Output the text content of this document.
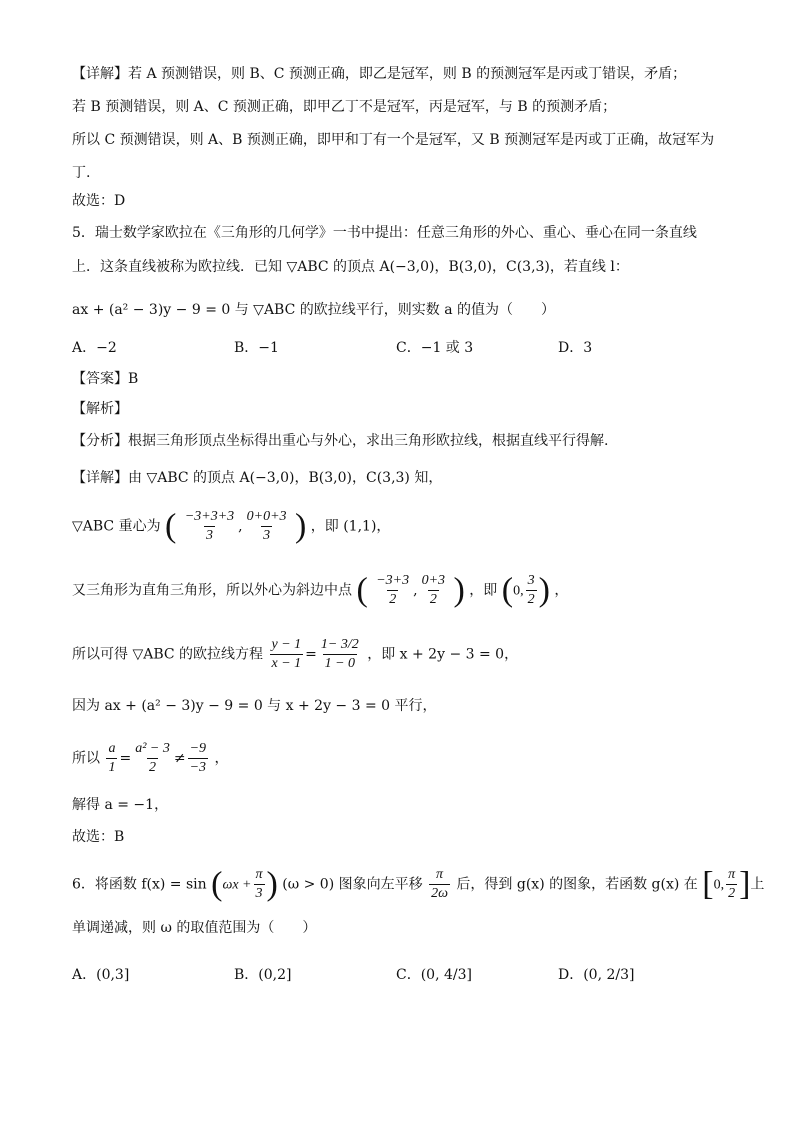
【详解】若 A 预测错误，则 B、C 预测正确，即乙是冠军，则 B 的预测冠军是丙或丁错误，矛盾；
若 B 预测错误，则 A、C 预测正确，即甲乙丁不是冠军，丙是冠军，与 B 的预测矛盾；
所以 C 预测错误，则 A、B 预测正确，即甲和丁有一个是冠军，又 B 预测冠军是丙或丁正确，故冠军为
丁.
故选：D
5．瑞士数学家欧拉在《三角形的几何学》一书中提出：任意三角形的外心、重心、垂心在同一条直线
上．这条直线被称为欧拉线．已知 ▽ABC 的顶点 A(−3,0)，B(3,0)，C(3,3)，若直线 l：
ax + (a² − 3)y − 9 = 0 与 ▽ABC 的欧拉线平行，则实数 a 的值为（　　）
A．−2	B．−1	C．−1 或 3	D．3
【答案】B
【解析】
【分析】根据三角形顶点坐标得出重心与外心，求出三角形欧拉线，根据直线平行得解.
【详解】由 ▽ABC 的顶点 A(−3,0)，B(3,0)，C(3,3) 知，
▽ABC 重心为 ( $\frac{-3+3+3}{3}$ , $\frac{0+0+3}{3}$ ) ，即 (1,1)，
又三角形为直角三角形，所以外心为斜边中点 ( $\frac{-3+3}{2}$ , $\frac{0+3}{2}$ ) ，即 (0, $\frac{3}{2}$ ) ，
所以可得 ▽ABC 的欧拉线方程 $\frac{y - 1}{x - 1} = \frac{1- 3/2}{1 - 0}$ ，即 x + 2y − 3 = 0，
因为 ax + (a² − 3)y − 9 = 0 与 x + 2y − 3 = 0 平行，
所以 $\frac{a}{1} = \frac{\text{a² − 3}}{2} \ne \frac{-9}{-3}$ ，
解得 a = −1，
故选：B
6．将函数 $f(x) = \sin (\omega x + \frac{\pi}{3}$ ) (ω > 0) 图象向左平移 $\frac{\pi}{2\omega}$ 后，得到 g(x) 的图象，若函数 g(x) 在 [0, $\frac{\pi}{2}$ ]上
单调递减，则 ω 的取值范围为（　　）
A．(0,3]	B．(0,2]	C．(0, 4/3]	D．(0, 2/3]
